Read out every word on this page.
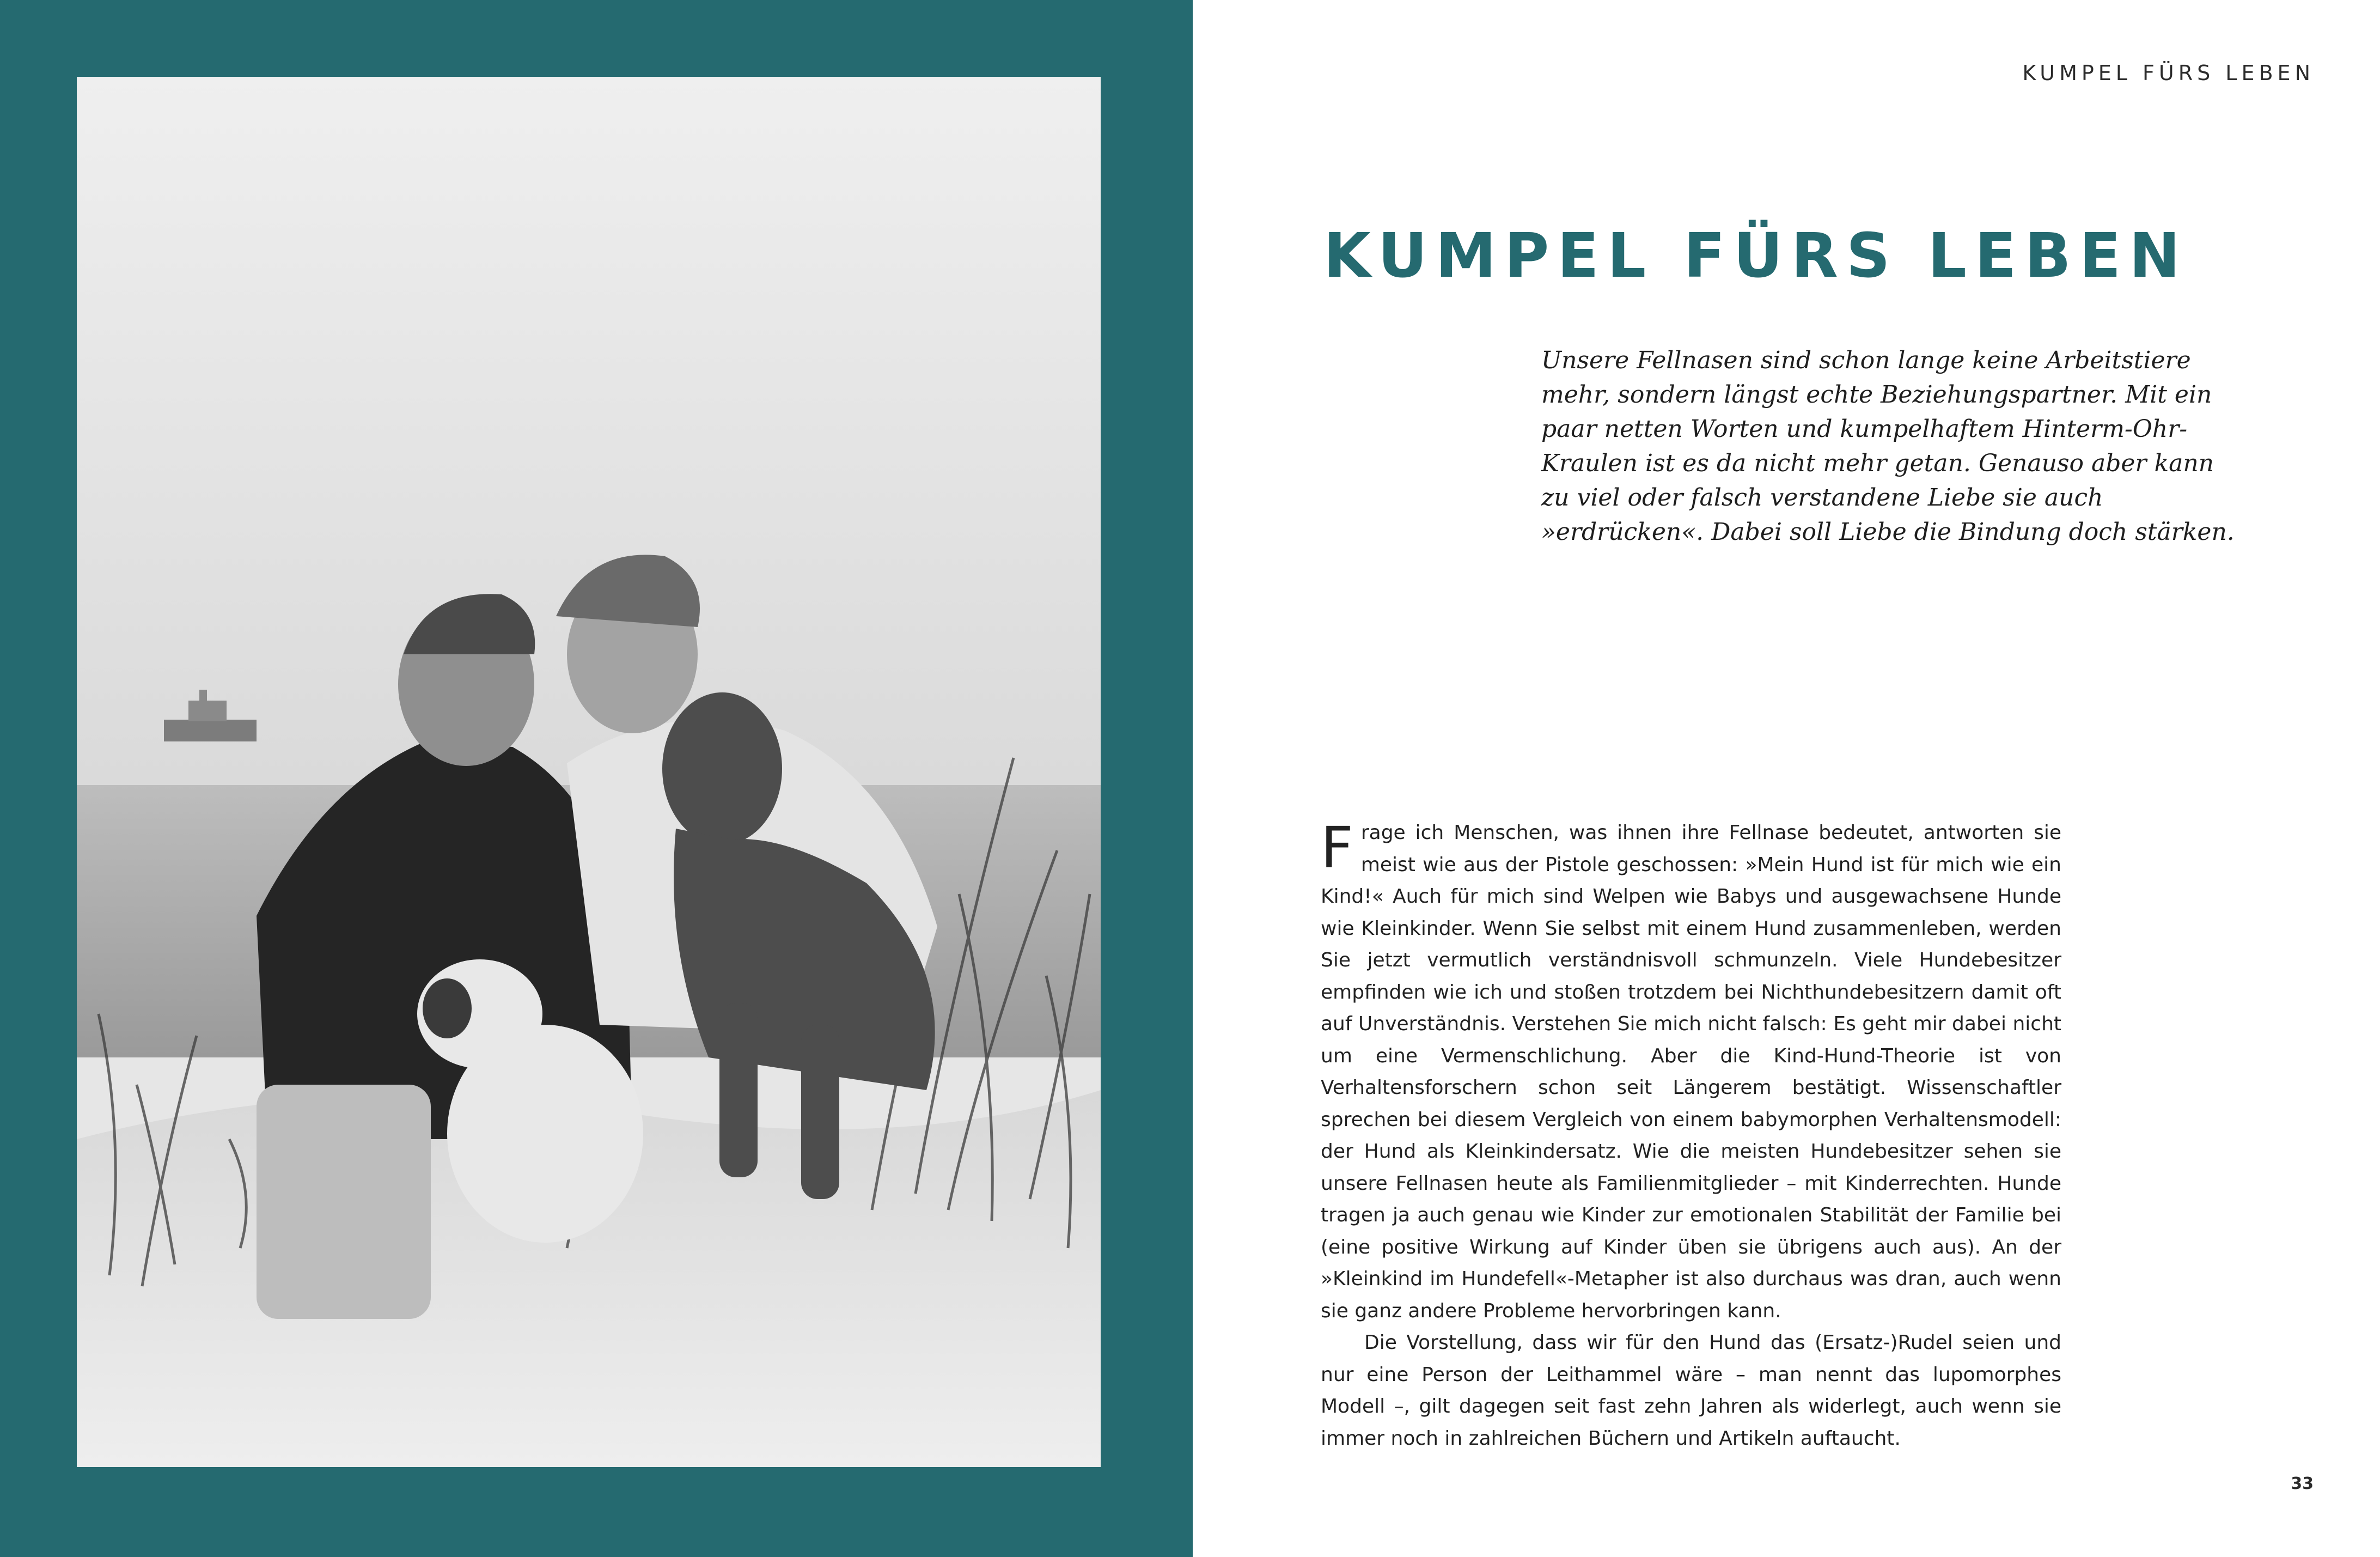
KUMPEL FÜRS LEBEN
KUMPEL FÜRS LEBEN

Unsere Fellnasen sind schon lange keine Arbeitstiere mehr, sondern längst echte Beziehungspartner. Mit ein paar netten Worten und kumpelhaftem Hinterm-Ohr-Kraulen ist es da nicht mehr getan. Genauso aber kann zu viel oder falsch verstandene Liebe sie auch »erdrücken«. Dabei soll Liebe die Bindung doch stärken.

Frage ich Menschen, was ihnen ihre Fellnase bedeutet, antworten sie meist wie aus der Pistole geschossen: »Mein Hund ist für mich wie ein Kind!« Auch für mich sind Welpen wie Babys und ausgewachsene Hunde wie Kleinkinder. Wenn Sie selbst mit einem Hund zusammenleben, werden Sie jetzt vermutlich verständnisvoll schmunzeln. Viele Hundebesitzer empfinden wie ich und stoßen trotzdem bei Nichthundebesitzern damit oft auf Unverständnis. Verstehen Sie mich nicht falsch: Es geht mir dabei nicht um eine Vermenschlichung. Aber die Kind-Hund-Theorie ist von Verhaltensforschern schon seit Längerem bestätigt. Wissenschaftler sprechen bei diesem Vergleich von einem babymorphen Verhaltensmodell: der Hund als Kleinkindersatz. Wie die meisten Hundebesitzer sehen sie unsere Fellnasen heute als Familienmitglieder – mit Kinderrechten. Hunde tragen ja auch genau wie Kinder zur emotionalen Stabilität der Familie bei (eine positive Wirkung auf Kinder üben sie übrigens auch aus). An der »Kleinkind im Hundefell«-Metapher ist also durchaus was dran, auch wenn sie ganz andere Probleme hervorbringen kann.

Die Vorstellung, dass wir für den Hund das (Ersatz-)Rudel seien und nur eine Person der Leithammel wäre – man nennt das lupomorphes Modell –, gilt dagegen seit fast zehn Jahren als widerlegt, auch wenn sie immer noch in zahlreichen Büchern und Artikeln auftaucht.

33
